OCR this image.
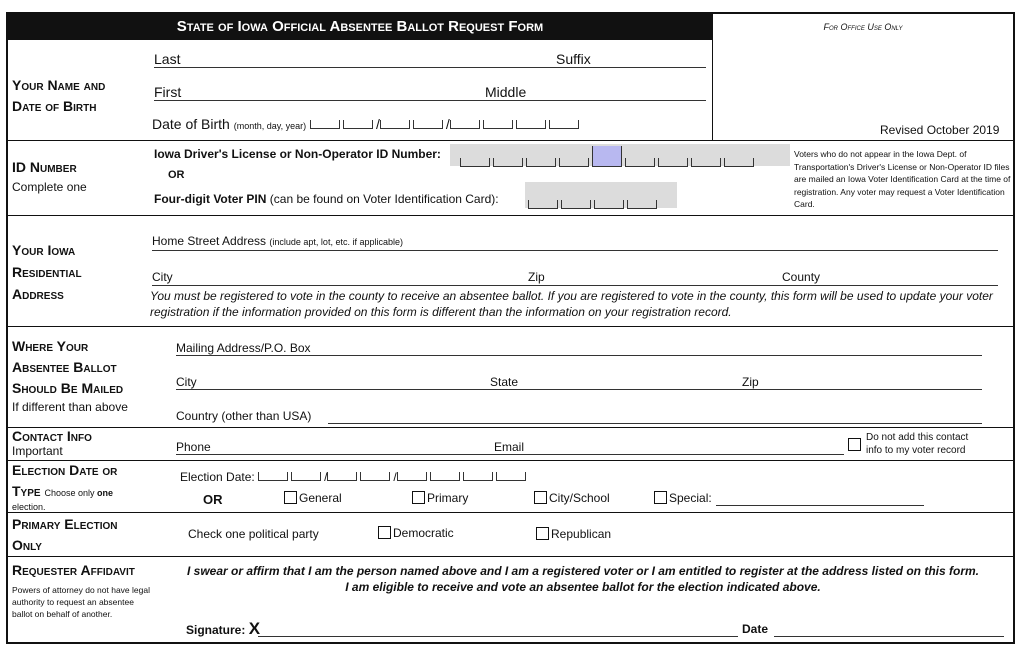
State of Iowa Official Absentee Ballot Request Form	For Office Use Only
Revised October 2019
Your Name and
Date of Birth
Last	Suffix
First	Middle
Date of Birth (month, day, year)	/	/
ID Number
Complete one
Iowa Driver's License or Non-Operator ID Number:
OR
Four-digit Voter PIN (can be found on Voter Identification Card):
Voters who do not appear in the Iowa Dept. of Transportation's Driver's License or Non-Operator ID files are mailed an Iowa Voter Identification Card at the time of registration. Any voter may request a Voter Identification Card.
Your Iowa
Residential
Address
Home Street Address (include apt, lot, etc. if applicable)
City	Zip	County
You must be registered to vote in the county to receive an absentee ballot. If you are registered to vote in the county, this form will be used to update your voter registration if the information provided on this form is different than the information on your registration record.
Where Your
Absentee Ballot
Should Be Mailed
If different than above
Mailing Address/P.O. Box
City	State	Zip
Country (other than USA)
Contact Info
Important	Phone	Email
Do not add this contact
info to my voter record
Election Date or
Type Choose only one
election.
Election Date:	/	/
OR	General	Primary	City/School	Special:
Primary Election
Only
Check one political party	Democratic	Republican
Requester Affidavit
Powers of attorney do not have legal authority to request an absentee ballot on behalf of another.
I swear or affirm that I am the person named above and I am a registered voter or I am entitled to register at the address listed on this form.
I am eligible to receive and vote an absentee ballot for the election indicated above.
Signature: X	Date
